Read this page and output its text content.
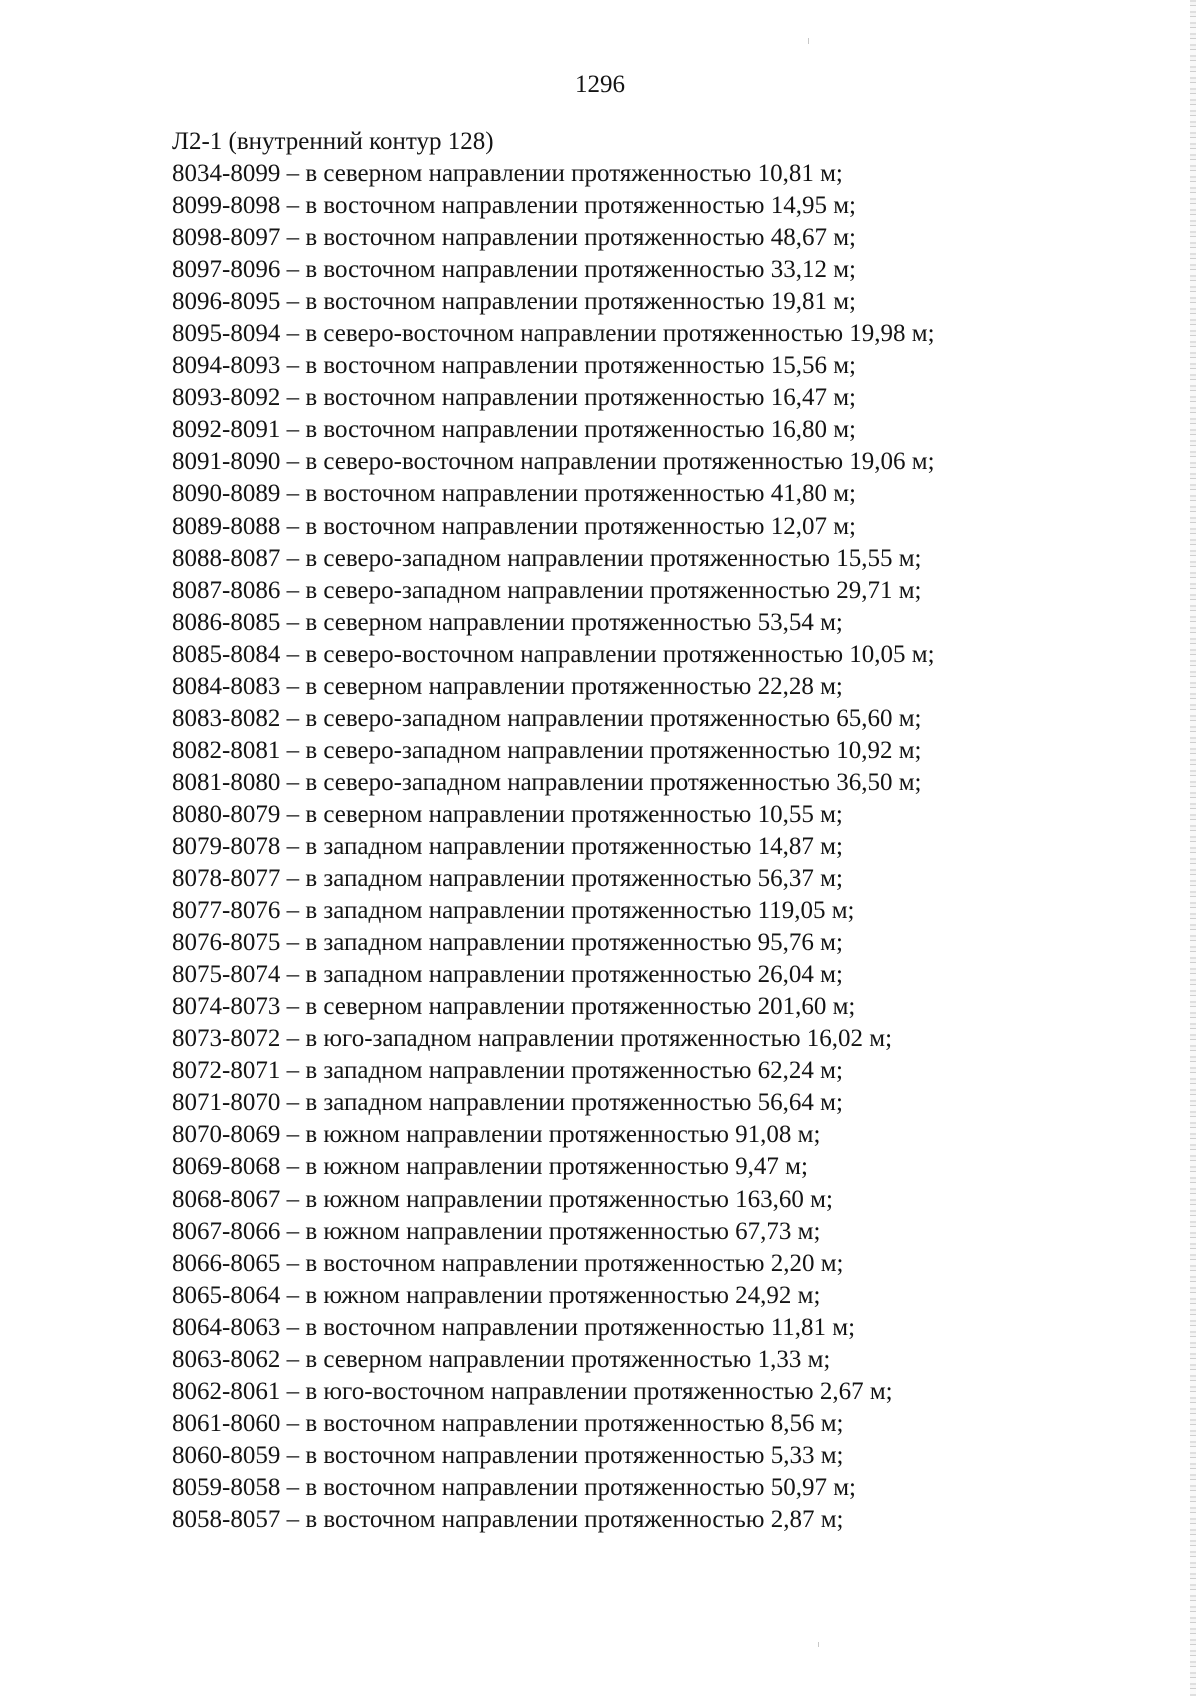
1296
Л2-1 (внутренний контур 128)
8034-8099 – в северном направлении протяженностью 10,81 м;
8099-8098 – в восточном направлении протяженностью 14,95 м;
8098-8097 – в восточном направлении протяженностью 48,67 м;
8097-8096 – в восточном направлении протяженностью 33,12 м;
8096-8095 – в восточном направлении протяженностью 19,81 м;
8095-8094 – в северо-восточном направлении протяженностью 19,98 м;
8094-8093 – в восточном направлении протяженностью 15,56 м;
8093-8092 – в восточном направлении протяженностью 16,47 м;
8092-8091 – в восточном направлении протяженностью 16,80 м;
8091-8090 – в северо-восточном направлении протяженностью 19,06 м;
8090-8089 – в восточном направлении протяженностью 41,80 м;
8089-8088 – в восточном направлении протяженностью 12,07 м;
8088-8087 – в северо-западном направлении протяженностью 15,55 м;
8087-8086 – в северо-западном направлении протяженностью 29,71 м;
8086-8085 – в северном направлении протяженностью 53,54 м;
8085-8084 – в северо-восточном направлении протяженностью 10,05 м;
8084-8083 – в северном направлении протяженностью 22,28 м;
8083-8082 – в северо-западном направлении протяженностью 65,60 м;
8082-8081 – в северо-западном направлении протяженностью 10,92 м;
8081-8080 – в северо-западном направлении протяженностью 36,50 м;
8080-8079 – в северном направлении протяженностью 10,55 м;
8079-8078 – в западном направлении протяженностью 14,87 м;
8078-8077 – в западном направлении протяженностью 56,37 м;
8077-8076 – в западном направлении протяженностью 119,05 м;
8076-8075 – в западном направлении протяженностью 95,76 м;
8075-8074 – в западном направлении протяженностью 26,04 м;
8074-8073 – в северном направлении протяженностью 201,60 м;
8073-8072 – в юго-западном направлении протяженностью 16,02 м;
8072-8071 – в западном направлении протяженностью 62,24 м;
8071-8070 – в западном направлении протяженностью 56,64 м;
8070-8069 – в южном направлении протяженностью 91,08 м;
8069-8068 – в южном направлении протяженностью 9,47 м;
8068-8067 – в южном направлении протяженностью 163,60 м;
8067-8066 – в южном направлении протяженностью 67,73 м;
8066-8065 – в восточном направлении протяженностью 2,20 м;
8065-8064 – в южном направлении протяженностью 24,92 м;
8064-8063 – в восточном направлении протяженностью 11,81 м;
8063-8062 – в северном направлении протяженностью 1,33 м;
8062-8061 – в юго-восточном направлении протяженностью 2,67 м;
8061-8060 – в восточном направлении протяженностью 8,56 м;
8060-8059 – в восточном направлении протяженностью 5,33 м;
8059-8058 – в восточном направлении протяженностью 50,97 м;
8058-8057 – в восточном направлении протяженностью 2,87 м;
